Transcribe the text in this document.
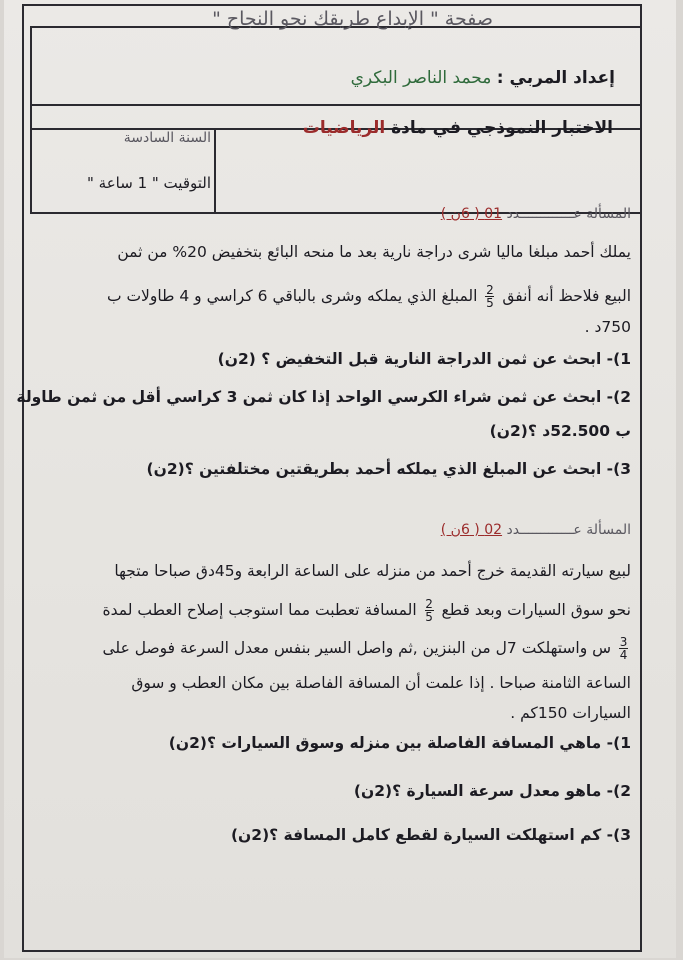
صفحة " الإبداع طريقك نحو النجاح "
إعداد المربي : محمد الناصر البكري
الاختبار النموذجي في مادة الرياضيات
السنة السادسة
التوقيت " 1 ساعة "
المسألة عـــــــــــــدد 01 ( 6ن )
يملك أحمد مبلغا ماليا شرى دراجة نارية بعد ما منحه البائع بتخفيض 20% من ثمن
البيع فلاحظ أنه أنفق
$\frac{2}{5}$
المبلغ الذي يملكه وشرى بالباقي 6 كراسي و 4 طاولات ب
750د .
1)- ابحث عن ثمن الدراجة النارية قبل التخفيض ؟ (2ن)
2)- ابحث عن ثمن شراء الكرسي الواحد إذا كان ثمن 3 كراسي أقل من ثمن طاولة
ب 52.500د ؟(2ن)
3)- ابحث عن المبلغ الذي يملكه أحمد بطريقتين مختلفتين ؟(2ن)
المسألة عـــــــــــــدد 02 ( 6ن )
لبيع سيارته القديمة خرج أحمد من منزله على الساعة الرابعة و45دق صباحا متجها
نحو سوق السيارات وبعد قطع
$\frac{2}{5}$
المسافة تعطبت مما استوجب إصلاح العطب لمدة
$\frac{3}{4}$
س واستهلكت 7ل من البنزين ,ثم واصل السير بنفس معدل السرعة فوصل على
الساعة الثامنة صباحا . إذا علمت أن المسافة الفاصلة بين مكان العطب و سوق
السيارات 150كم .
1)- ماهي المسافة الفاصلة بين منزله وسوق السيارات ؟(2ن)
2)- ماهو معدل سرعة السيارة ؟(2ن)
3)- كم استهلكت السيارة لقطع كامل المسافة ؟(2ن)
